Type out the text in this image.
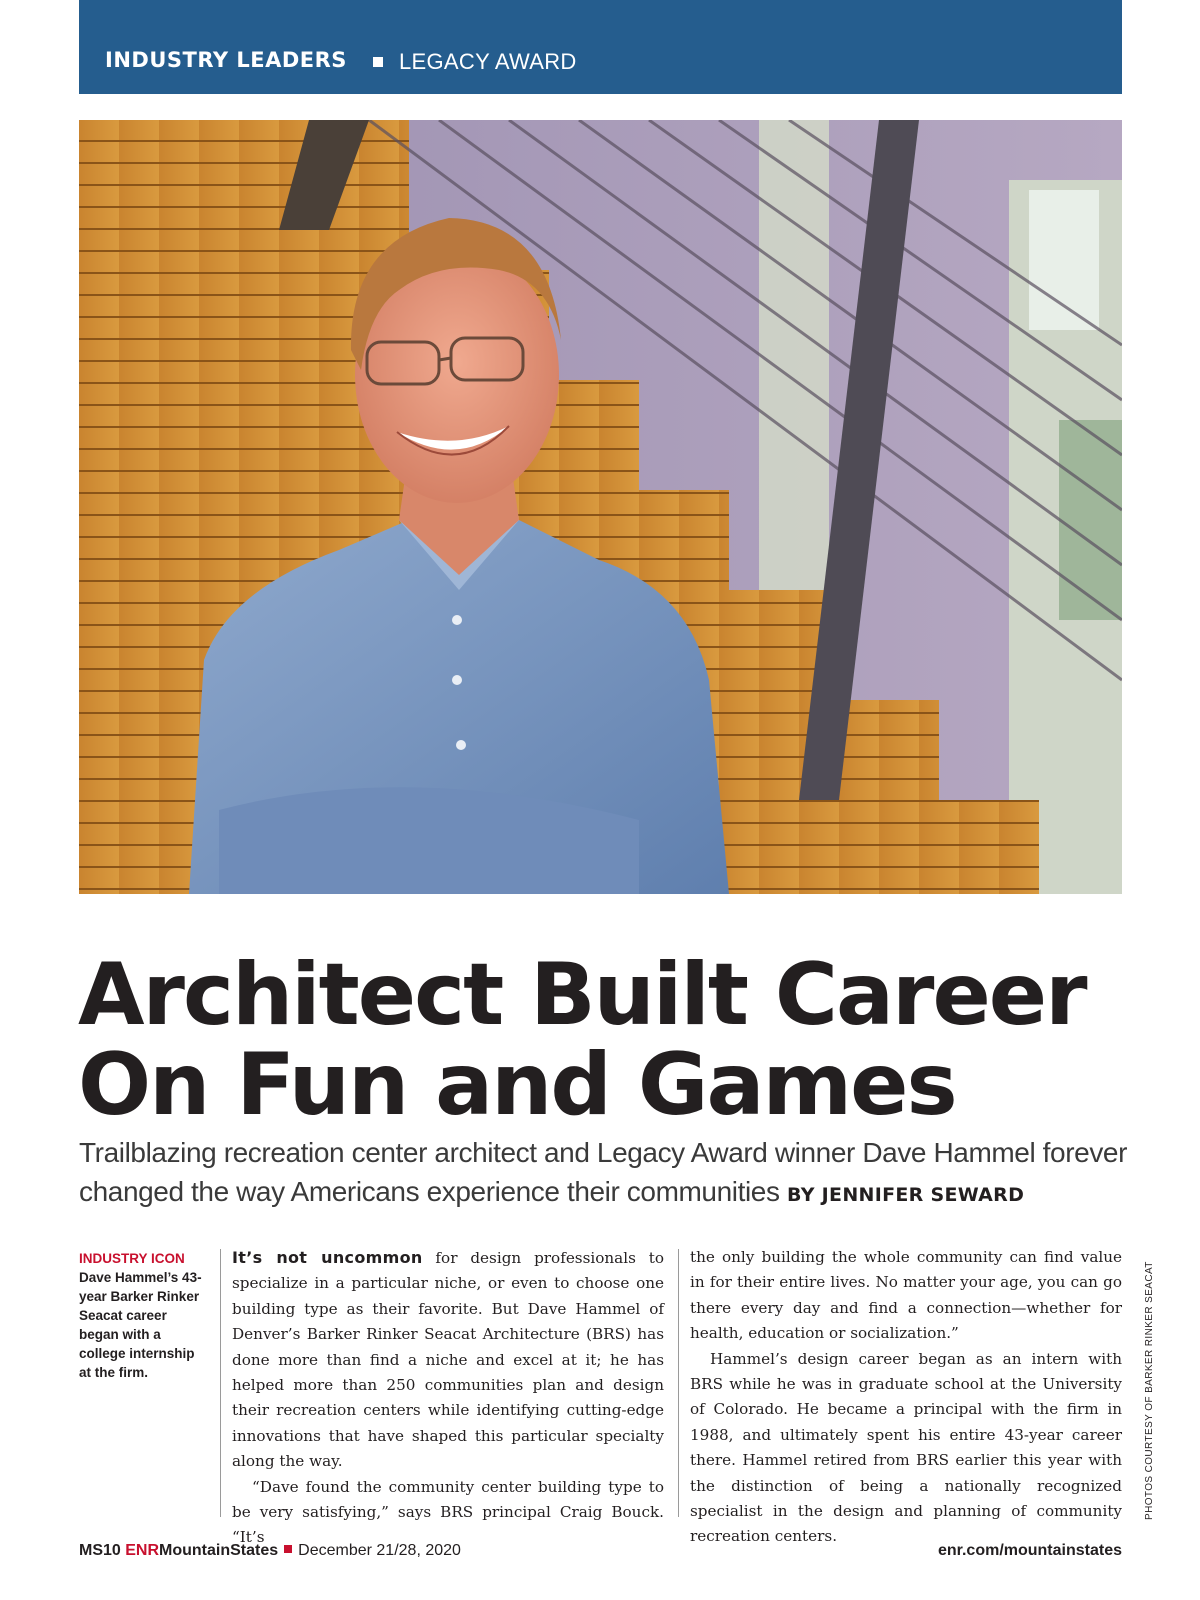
INDUSTRY LEADERS LEGACY AWARD
Architect Built Career
On Fun and Games
Trailblazing recreation center architect and Legacy Award winner Dave Hammel forever changed the way Americans experience their communities BY JENNIFER SEWARD
INDUSTRY ICON
Dave Hammel’s 43-year Barker Rinker Seacat career began with a college internship at the firm.

It’s not uncommon for design professionals to specialize in a particular niche, or even to choose one building type as their favorite. But Dave Hammel of Denver’s Barker Rinker Seacat Architecture (BRS) has done more than find a niche and excel at it; he has helped more than 250 communities plan and design their recreation centers while identifying cutting-edge innovations that have shaped this particular specialty along the way.

“Dave found the community center building type to be very satisfying,” says BRS principal Craig Bouck. “It’s

the only building the whole community can find value in for their entire lives. No matter your age, you can go there every day and find a connection—whether for health, education or socialization.”

Hammel’s design career began as an intern with BRS while he was in graduate school at the University of Colorado. He became a principal with the firm in 1988, and ultimately spent his entire 43-year career there. Hammel retired from BRS earlier this year with the distinction of being a nationally recognized specialist in the design and planning of community recreation centers.

PHOTOS COURTESY OF BARKER RINKER SEACAT
MS10 ENRMountainStates December 21/28, 2020	enr.com/mountainstates
